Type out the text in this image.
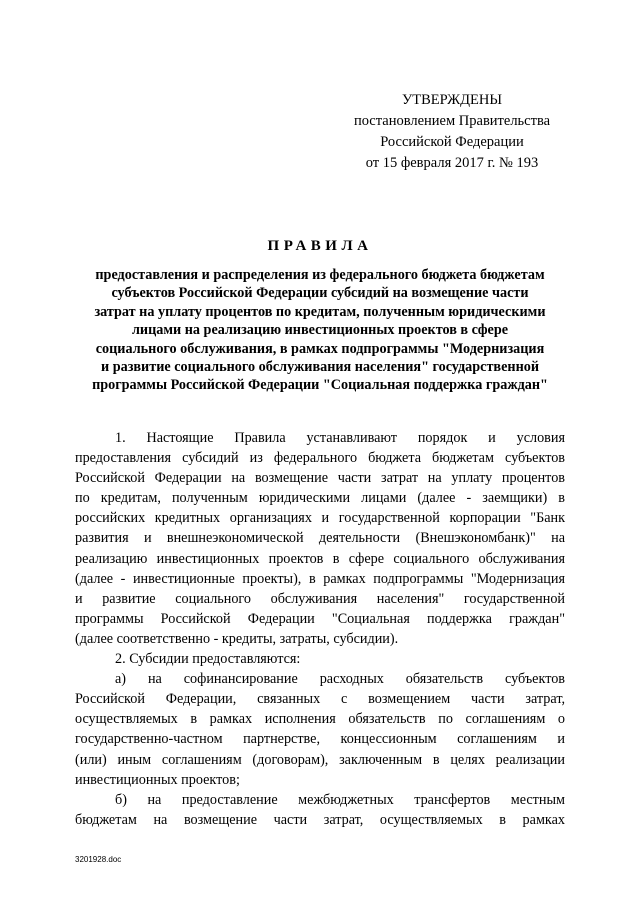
УТВЕРЖДЕНЫ
постановлением Правительства
Российской Федерации
от 15 февраля 2017 г. № 193
ПРАВИЛА
предоставления и распределения из федерального бюджета бюджетам
субъектов Российской Федерации субсидий на возмещение части
затрат на уплату процентов по кредитам, полученным юридическими
лицами на реализацию инвестиционных проектов в сфере
социального обслуживания, в рамках подпрограммы "Модернизация
и развитие социального обслуживания населения" государственной
программы Российской Федерации "Социальная поддержка граждан"
1. Настоящие Правила устанавливают порядок и условия
предоставления субсидий из федерального бюджета бюджетам субъектов
Российской Федерации на возмещение части затрат на уплату процентов
по кредитам, полученным юридическими лицами (далее - заемщики) в
российских кредитных организациях и государственной корпорации "Банк
развития и внешнеэкономической деятельности (Внешэкономбанк)" на
реализацию инвестиционных проектов в сфере социального обслуживания
(далее - инвестиционные проекты), в рамках подпрограммы "Модернизация
и развитие социального обслуживания населения" государственной
программы Российской Федерации "Социальная поддержка граждан"
(далее соответственно - кредиты, затраты, субсидии).
2. Субсидии предоставляются:
а) на софинансирование расходных обязательств субъектов
Российской Федерации, связанных с возмещением части затрат,
осуществляемых в рамках исполнения обязательств по соглашениям о
государственно-частном партнерстве, концессионным соглашениям и
(или) иным соглашениям (договорам), заключенным в целях реализации
инвестиционных проектов;
б) на предоставление межбюджетных трансфертов местным
бюджетам на возмещение части затрат, осуществляемых в рамках
3201928.doc
